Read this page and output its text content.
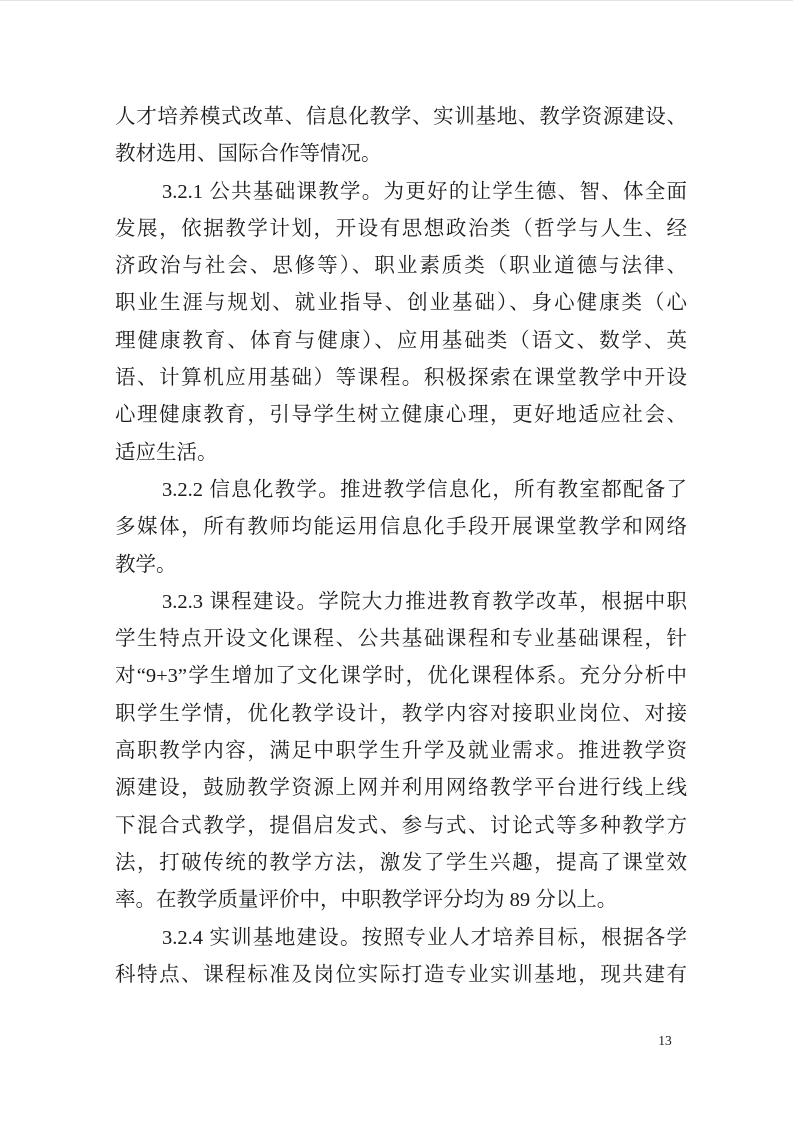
人才培养模式改革、信息化教学、实训基地、教学资源建设、
教材选用、国际合作等情况。
3.2.1 公共基础课教学。为更好的让学生德、智、体全面
发展，依据教学计划，开设有思想政治类（哲学与人生、经
济政治与社会、思修等）、职业素质类（职业道德与法律、
职业生涯与规划、就业指导、创业基础）、身心健康类（心
理健康教育、体育与健康）、应用基础类（语文、数学、英
语、计算机应用基础）等课程。积极探索在课堂教学中开设
心理健康教育，引导学生树立健康心理，更好地适应社会、
适应生活。
3.2.2 信息化教学。推进教学信息化，所有教室都配备了
多媒体，所有教师均能运用信息化手段开展课堂教学和网络
教学。
3.2.3 课程建设。学院大力推进教育教学改革，根据中职
学生特点开设文化课程、公共基础课程和专业基础课程，针
对“9+3”学生增加了文化课学时，优化课程体系。充分分析中
职学生学情，优化教学设计，教学内容对接职业岗位、对接
高职教学内容，满足中职学生升学及就业需求。推进教学资
源建设，鼓励教学资源上网并利用网络教学平台进行线上线
下混合式教学，提倡启发式、参与式、讨论式等多种教学方
法，打破传统的教学方法，激发了学生兴趣，提高了课堂效
率。在教学质量评价中，中职教学评分均为 89 分以上。
3.2.4 实训基地建设。按照专业人才培养目标，根据各学
科特点、课程标准及岗位实际打造专业实训基地，现共建有
13
